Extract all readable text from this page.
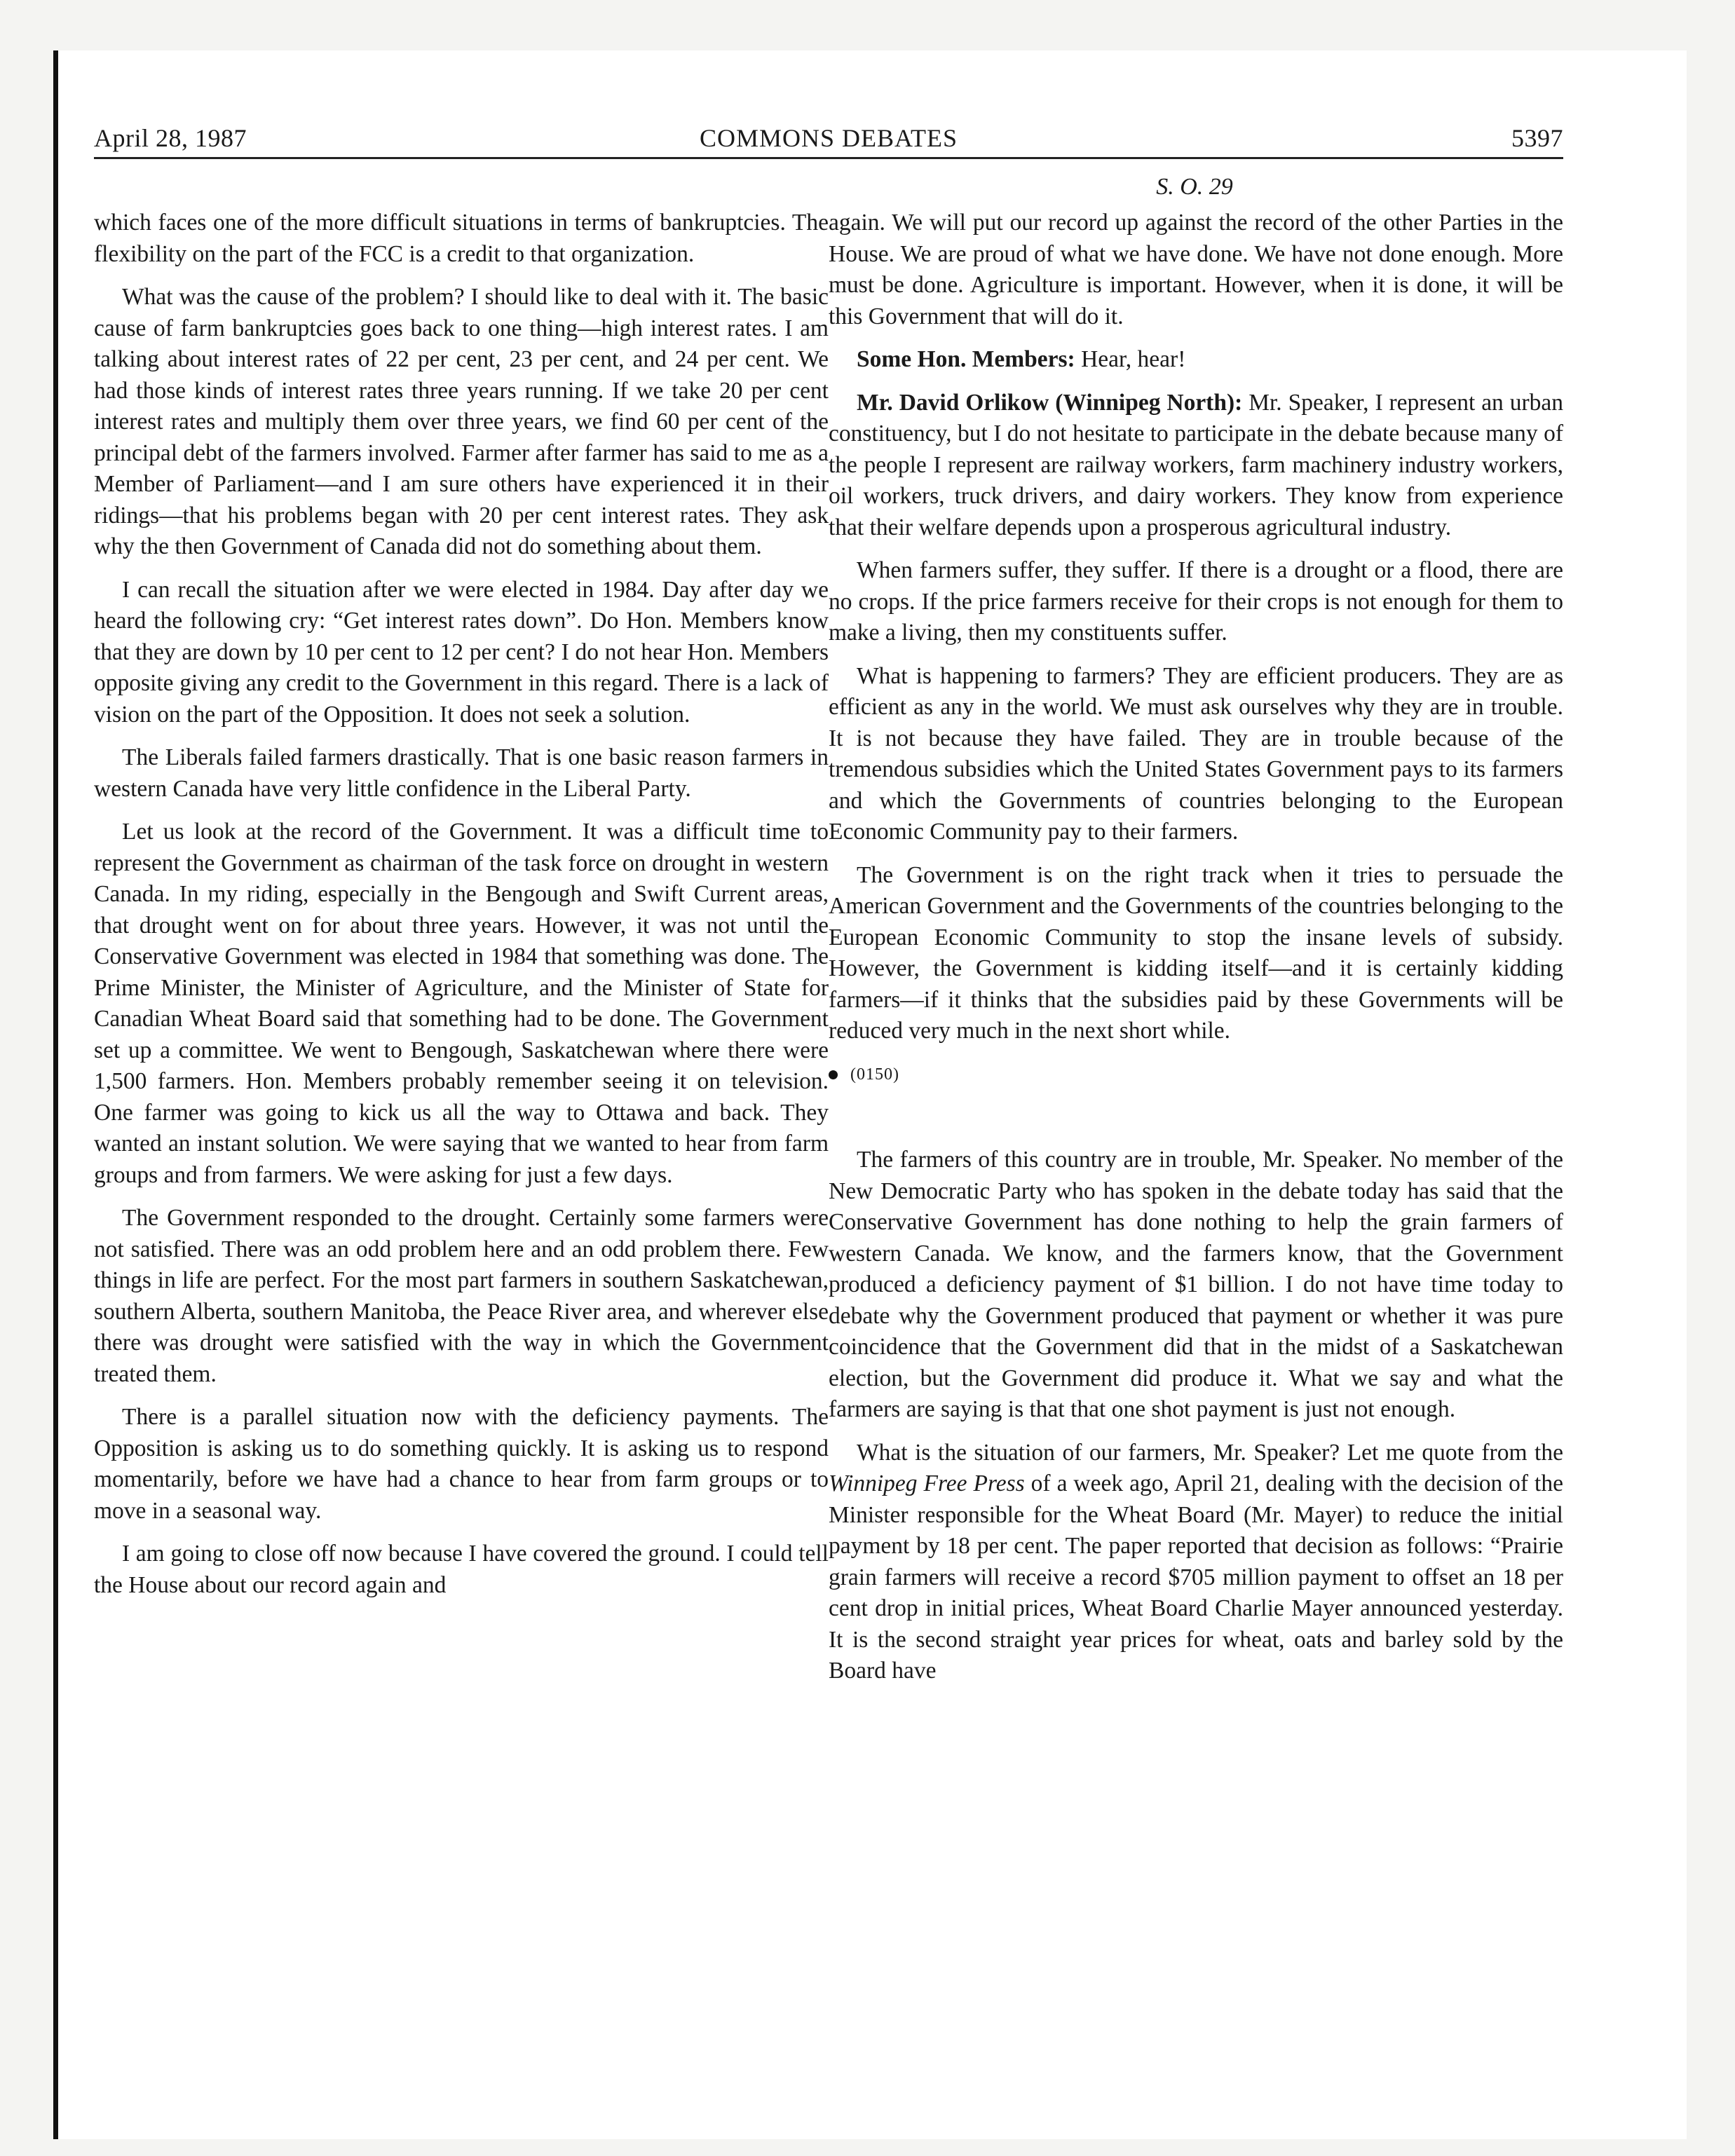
April 28, 1987	COMMONS DEBATES	5397
S. O. 29

which faces one of the more difficult situations in terms of bankruptcies. The flexibility on the part of the FCC is a credit to that organization.

What was the cause of the problem? I should like to deal with it. The basic cause of farm bankruptcies goes back to one thing—high interest rates. I am talking about interest rates of 22 per cent, 23 per cent, and 24 per cent. We had those kinds of interest rates three years running. If we take 20 per cent interest rates and multiply them over three years, we find 60 per cent of the principal debt of the farmers involved. Farmer after farmer has said to me as a Member of Parliament—and I am sure others have experienced it in their ridings—that his problems began with 20 per cent interest rates. They ask why the then Government of Canada did not do something about them.

I can recall the situation after we were elected in 1984. Day after day we heard the following cry: “Get interest rates down”. Do Hon. Members know that they are down by 10 per cent to 12 per cent? I do not hear Hon. Members opposite giving any credit to the Government in this regard. There is a lack of vision on the part of the Opposition. It does not seek a solution.

The Liberals failed farmers drastically. That is one basic reason farmers in western Canada have very little confidence in the Liberal Party.

Let us look at the record of the Government. It was a difficult time to represent the Government as chairman of the task force on drought in western Canada. In my riding, especially in the Bengough and Swift Current areas, that drought went on for about three years. However, it was not until the Conservative Government was elected in 1984 that something was done. The Prime Minister, the Minister of Agriculture, and the Minister of State for Canadian Wheat Board said that something had to be done. The Government set up a committee. We went to Bengough, Saskatchewan where there were 1,500 farmers. Hon. Members probably remember seeing it on television. One farmer was going to kick us all the way to Ottawa and back. They wanted an instant solution. We were saying that we wanted to hear from farm groups and from farmers. We were asking for just a few days.

The Government responded to the drought. Certainly some farmers were not satisfied. There was an odd problem here and an odd problem there. Few things in life are perfect. For the most part farmers in southern Saskatchewan, southern Alberta, southern Manitoba, the Peace River area, and wherever else there was drought were satisfied with the way in which the Government treated them.

There is a parallel situation now with the deficiency payments. The Opposition is asking us to do something quickly. It is asking us to respond momentarily, before we have had a chance to hear from farm groups or to move in a seasonal way.

I am going to close off now because I have covered the ground. I could tell the House about our record again and

again. We will put our record up against the record of the other Parties in the House. We are proud of what we have done. We have not done enough. More must be done. Agriculture is important. However, when it is done, it will be this Government that will do it.

Some Hon. Members: Hear, hear!

Mr. David Orlikow (Winnipeg North): Mr. Speaker, I represent an urban constituency, but I do not hesitate to participate in the debate because many of the people I represent are railway workers, farm machinery industry workers, oil workers, truck drivers, and dairy workers. They know from experience that their welfare depends upon a prosperous agricultural industry.

When farmers suffer, they suffer. If there is a drought or a flood, there are no crops. If the price farmers receive for their crops is not enough for them to make a living, then my constituents suffer.

What is happening to farmers? They are efficient producers. They are as efficient as any in the world. We must ask ourselves why they are in trouble. It is not because they have failed. They are in trouble because of the tremendous subsidies which the United States Government pays to its farmers and which the Governments of countries belonging to the European Economic Community pay to their farmers.

The Government is on the right track when it tries to persuade the American Government and the Governments of the countries belonging to the European Economic Community to stop the insane levels of subsidy. However, the Government is kidding itself—and it is certainly kidding farmers—if it thinks that the subsidies paid by these Governments will be reduced very much in the next short while.

(0150)

The farmers of this country are in trouble, Mr. Speaker. No member of the New Democratic Party who has spoken in the debate today has said that the Conservative Government has done nothing to help the grain farmers of western Canada. We know, and the farmers know, that the Government produced a deficiency payment of $1 billion. I do not have time today to debate why the Government produced that payment or whether it was pure coincidence that the Government did that in the midst of a Saskatchewan election, but the Government did produce it. What we say and what the farmers are saying is that that one shot payment is just not enough.

What is the situation of our farmers, Mr. Speaker? Let me quote from the Winnipeg Free Press of a week ago, April 21, dealing with the decision of the Minister responsible for the Wheat Board (Mr. Mayer) to reduce the initial payment by 18 per cent. The paper reported that decision as follows: “Prairie grain farmers will receive a record $705 million payment to offset an 18 per cent drop in initial prices, Wheat Board Charlie Mayer announced yesterday. It is the second straight year prices for wheat, oats and barley sold by the Board have
